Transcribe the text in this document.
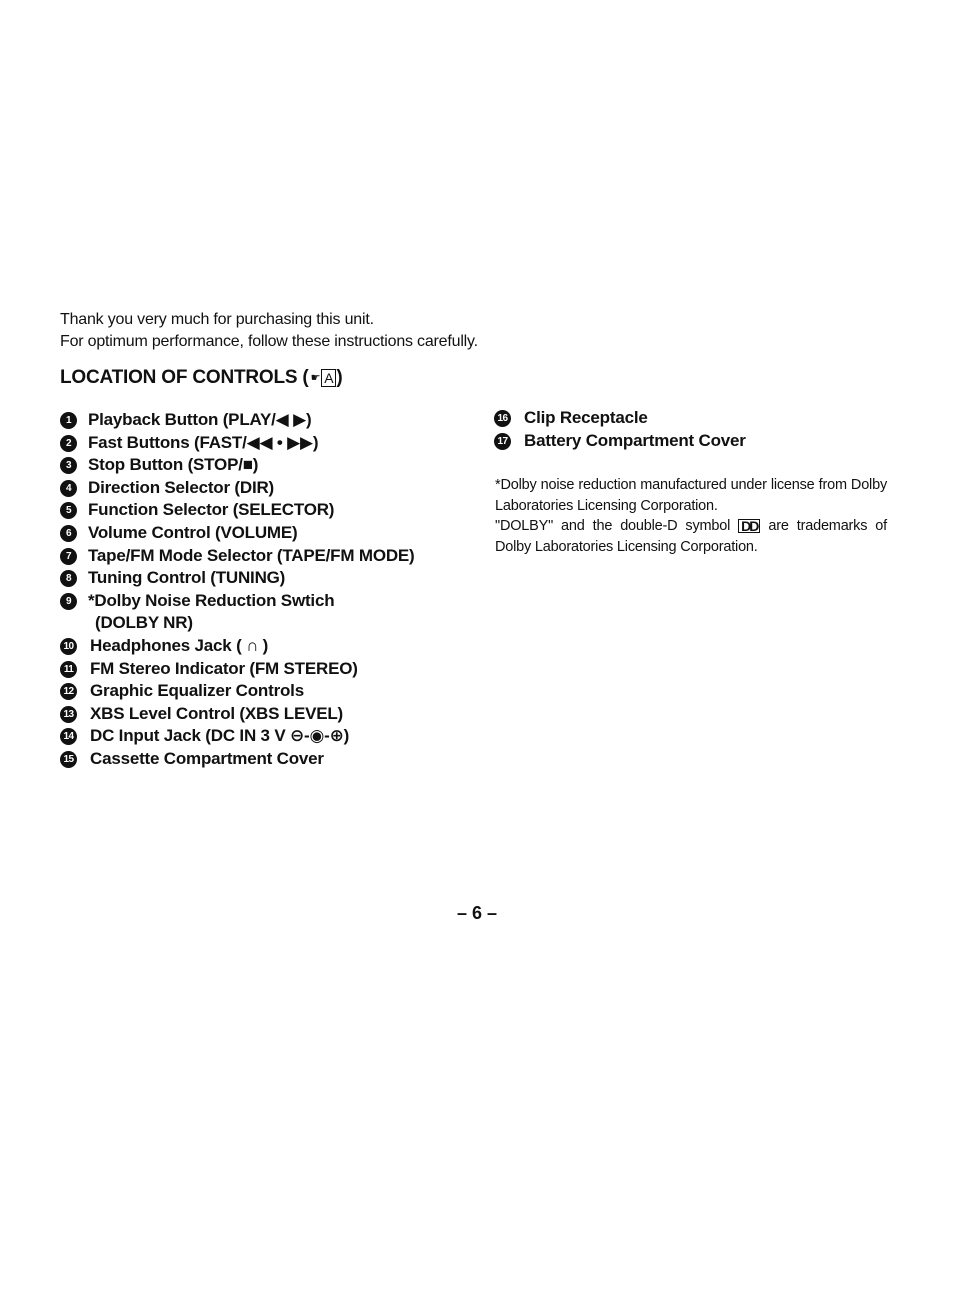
Thank you very much for purchasing this unit.

For optimum performance, follow these instructions carefully.

LOCATION OF CONTROLS ( ☛ A )
1	Playback Button (PLAY/◀ ▶)
2	Fast Buttons (FAST/◀◀ • ▶▶)
3	Stop Button (STOP/■)
4	Direction Selector (DIR)
5	Function Selector (SELECTOR)
6	Volume Control (VOLUME)
7	Tape/FM Mode Selector (TAPE/FM MODE)
8	Tuning Control (TUNING)
9	*Dolby Noise Reduction Swtich
(DOLBY NR)
10 Headphones Jack ( ∩ )
11 FM Stereo Indicator (FM STEREO)
12 Graphic Equalizer Controls
13 XBS Level Control (XBS LEVEL)
14 DC Input Jack (DC IN 3 V ⊖-◉-⊕)
15 Cassette Compartment Cover
16 Clip Receptacle
17 Battery Compartment Cover

*Dolby noise reduction manufactured under license from Dolby Laboratories Licensing Corporation.

"DOLBY" and the double-D symbol DD are trademarks of Dolby Laboratories Licensing Corporation.

– 6 –
